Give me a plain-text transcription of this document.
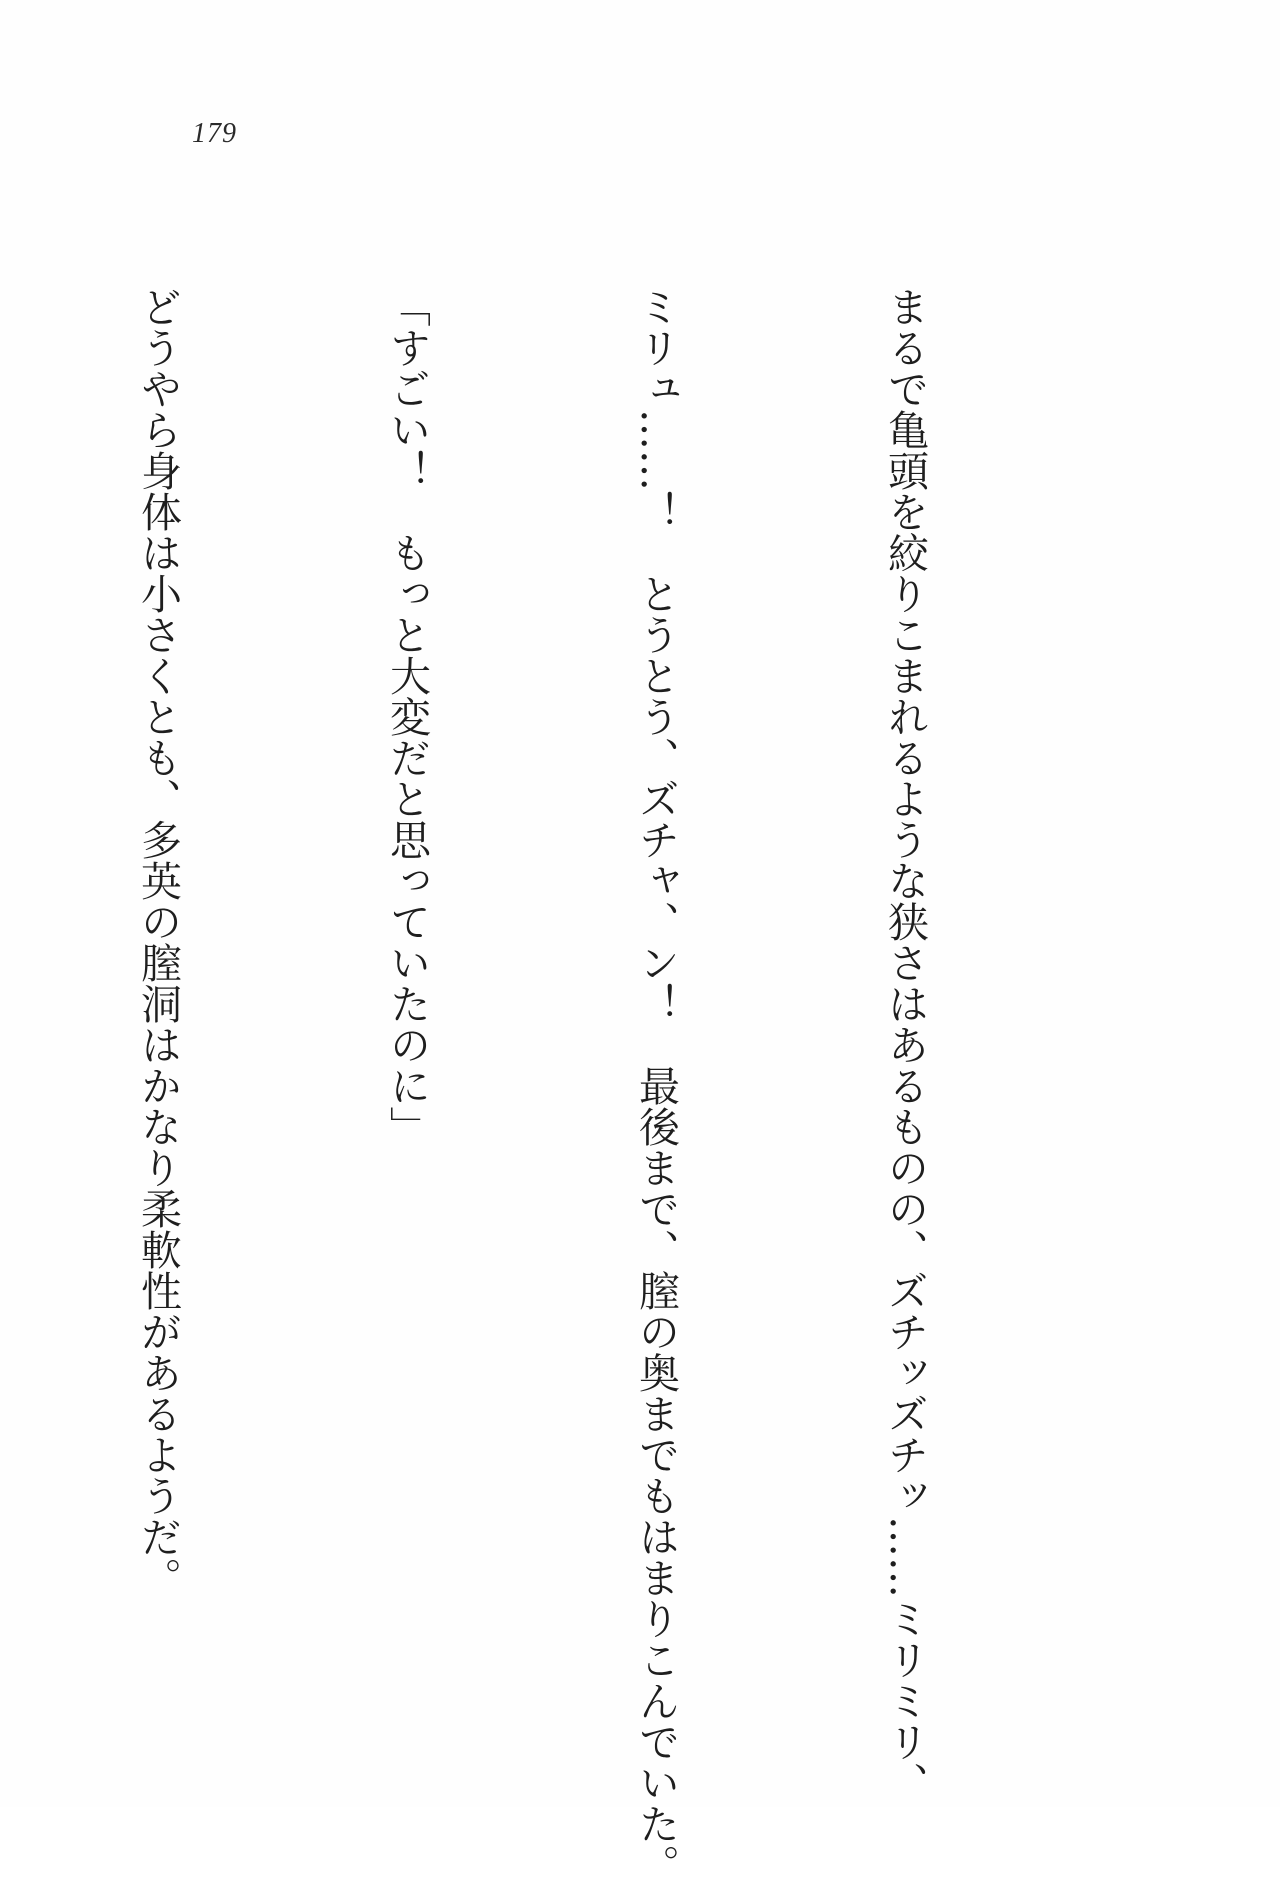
179

まるで亀頭を絞りこまれるような狭さはあるものの、ズチッズチッ……ミリミリ、

ミリュ……！　とうとう、ズチャ、ン！　最後まで、膣の奥までもはまりこんでいた。

「すごい！　もっと大変だと思っていたのに」

どうやら身体は小さくとも、多英の膣洞はかなり柔軟性があるようだ。
